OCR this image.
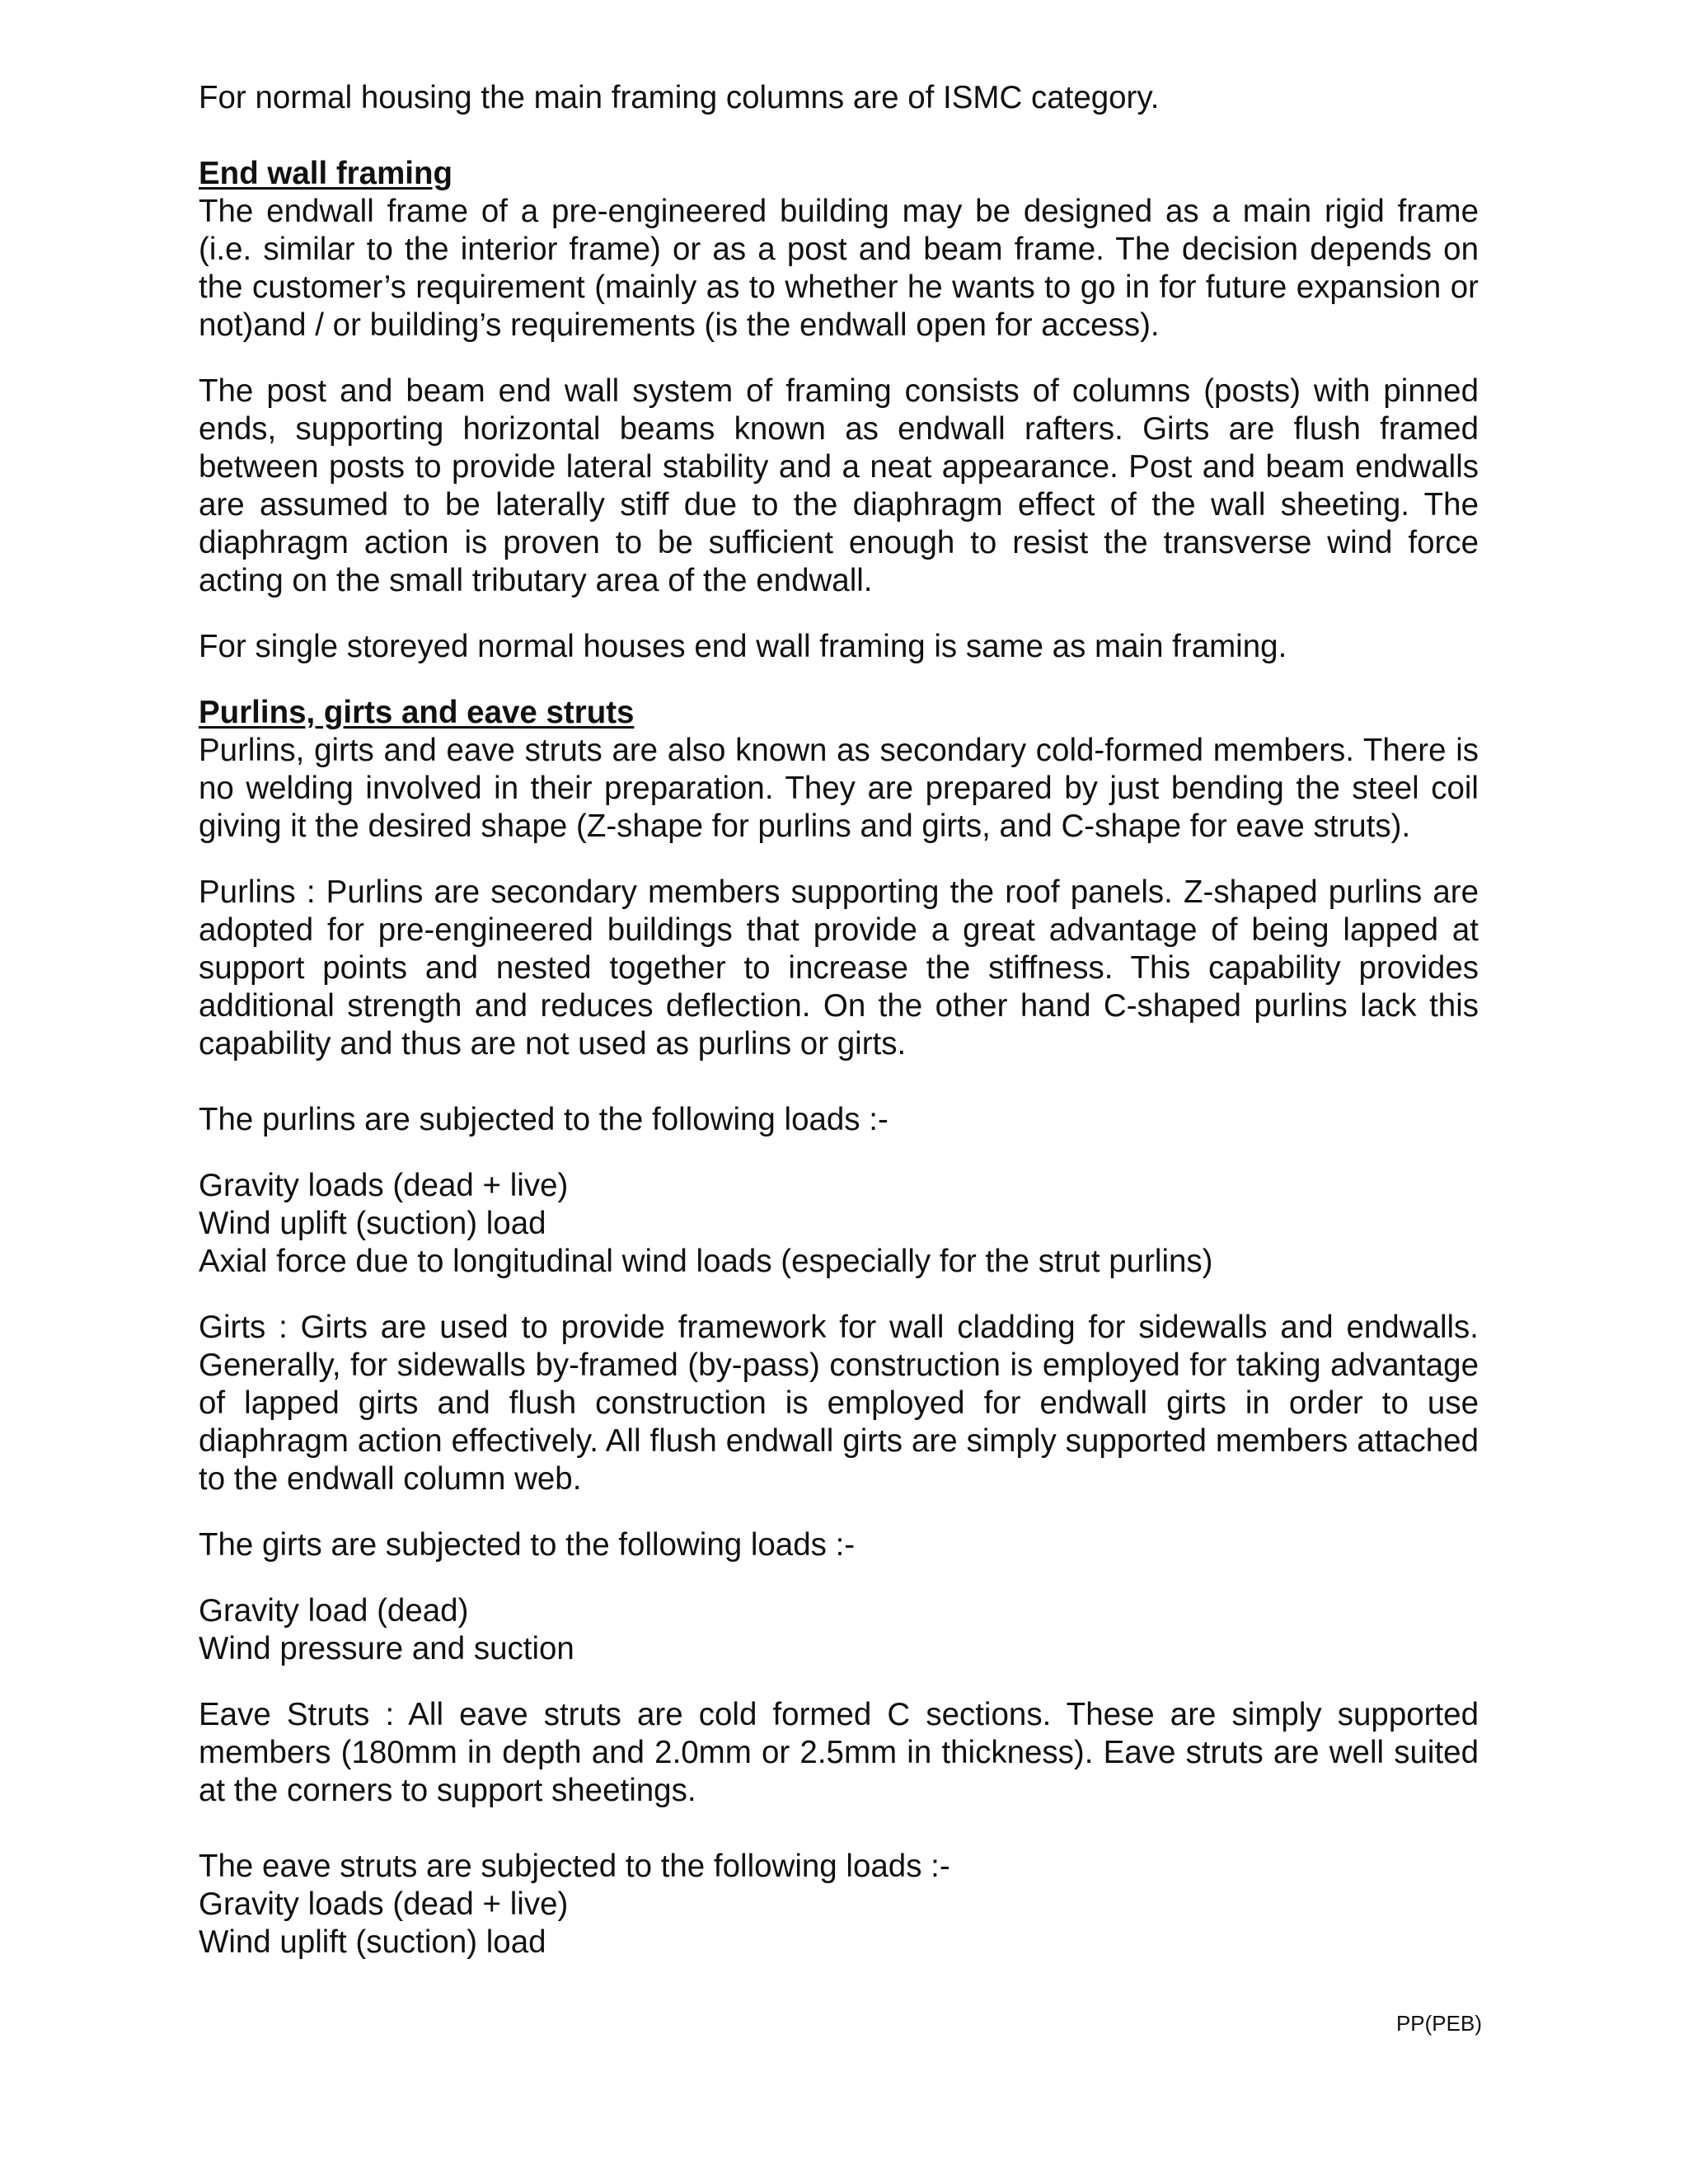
For normal housing the main framing columns are of ISMC category.

End wall framing

The endwall frame of a pre-engineered building may be designed as a main rigid frame (i.e. similar to the interior frame) or as a post and beam frame. The decision depends on the customer’s requirement (mainly as to whether he wants to go in for future expansion or not)and / or building’s requirements (is the endwall open for access).

The post and beam end wall system of framing consists of columns (posts) with pinned ends, supporting horizontal beams known as endwall rafters. Girts are flush framed between posts to provide lateral stability and a neat appearance. Post and beam endwalls are assumed to be laterally stiff due to the diaphragm effect of the wall sheeting. The diaphragm action is proven to be sufficient enough to resist the transverse wind force acting on the small tributary area of the endwall.

For single storeyed normal houses end wall framing is same as main framing.

Purlins, girts and eave struts

Purlins, girts and eave struts are also known as secondary cold-formed members. There is no welding involved in their preparation. They are prepared by just bending the steel coil giving it the desired shape (Z-shape for purlins and girts, and C-shape for eave struts).

Purlins : Purlins are secondary members supporting the roof panels. Z-shaped purlins are adopted for pre-engineered buildings that provide a great advantage of being lapped at support points and nested together to increase the stiffness. This capability provides additional strength and reduces deflection. On the other hand C-shaped purlins lack this capability and thus are not used as purlins or girts.

The purlins are subjected to the following loads :-
Gravity loads (dead + live)
Wind uplift (suction) load
Axial force due to longitudinal wind loads (especially for the strut purlins)

Girts : Girts are used to provide framework for wall cladding for sidewalls and endwalls. Generally, for sidewalls by-framed (by-pass) construction is employed for taking advantage of lapped girts and flush construction is employed for endwall girts in order to use diaphragm action effectively. All flush endwall girts are simply supported members attached to the endwall column web.

The girts are subjected to the following loads :-
Gravity load (dead)
Wind pressure and suction

Eave Struts : All eave struts are cold formed C sections. These are simply supported members (180mm in depth and 2.0mm or 2.5mm in thickness). Eave struts are well suited at the corners to support sheetings.

The eave struts are subjected to the following loads :-
Gravity loads (dead + live)
Wind uplift (suction) load
PP(PEB)
